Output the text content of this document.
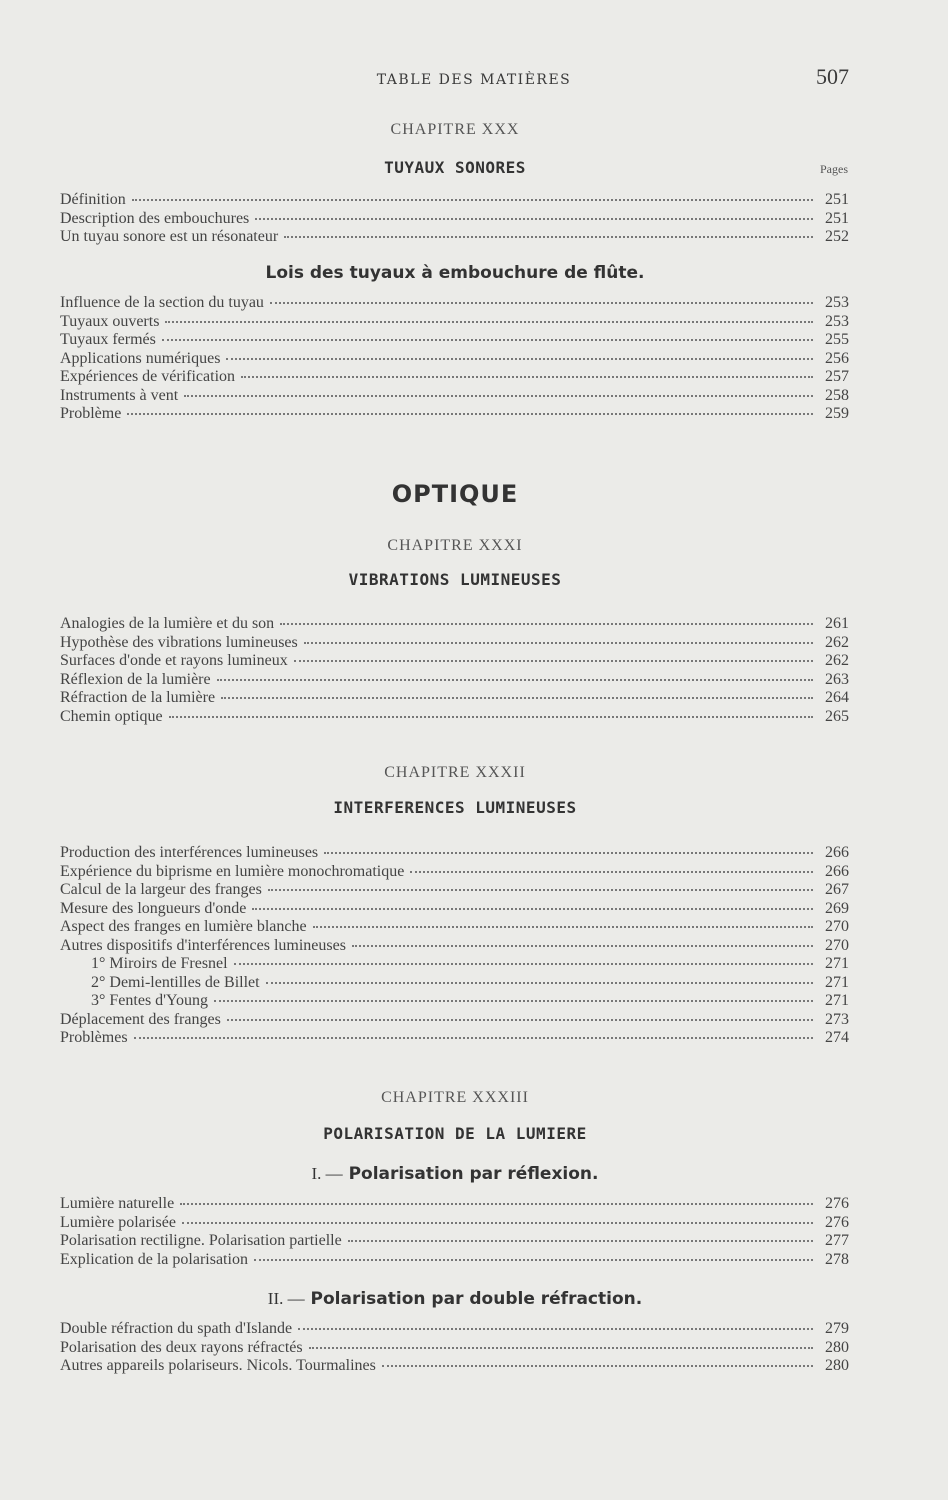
TABLE DES MATIÈRES	507
CHAPITRE XXX
TUYAUX SONORES	Pages
Définition	251
Description des embouchures	251
Un tuyau sonore est un résonateur	252
Lois des tuyaux à embouchure de flûte.
Influence de la section du tuyau	253
Tuyaux ouverts	253
Tuyaux fermés	255
Applications numériques	256
Expériences de vérification	257
Instruments à vent	258
Problème	259
OPTIQUE
CHAPITRE XXXI
VIBRATIONS LUMINEUSES
Analogies de la lumière et du son	261
Hypothèse des vibrations lumineuses	262
Surfaces d'onde et rayons lumineux	262
Réflexion de la lumière	263
Réfraction de la lumière	264
Chemin optique	265
CHAPITRE XXXII
INTERFERENCES LUMINEUSES
Production des interférences lumineuses	266
Expérience du biprisme en lumière monochromatique	266
Calcul de la largeur des franges	267
Mesure des longueurs d'onde	269
Aspect des franges en lumière blanche	270
Autres dispositifs d'interférences lumineuses	270
1° Miroirs de Fresnel	271
2° Demi-lentilles de Billet	271
3° Fentes d'Young	271
Déplacement des franges	273
Problèmes	274
CHAPITRE XXXIII
POLARISATION DE LA LUMIERE
I. — Polarisation par réflexion.
Lumière naturelle	276
Lumière polarisée	276
Polarisation rectiligne. Polarisation partielle	277
Explication de la polarisation	278
II. — Polarisation par double réfraction.
Double réfraction du spath d'Islande	279
Polarisation des deux rayons réfractés	280
Autres appareils polariseurs. Nicols. Tourmalines	280
